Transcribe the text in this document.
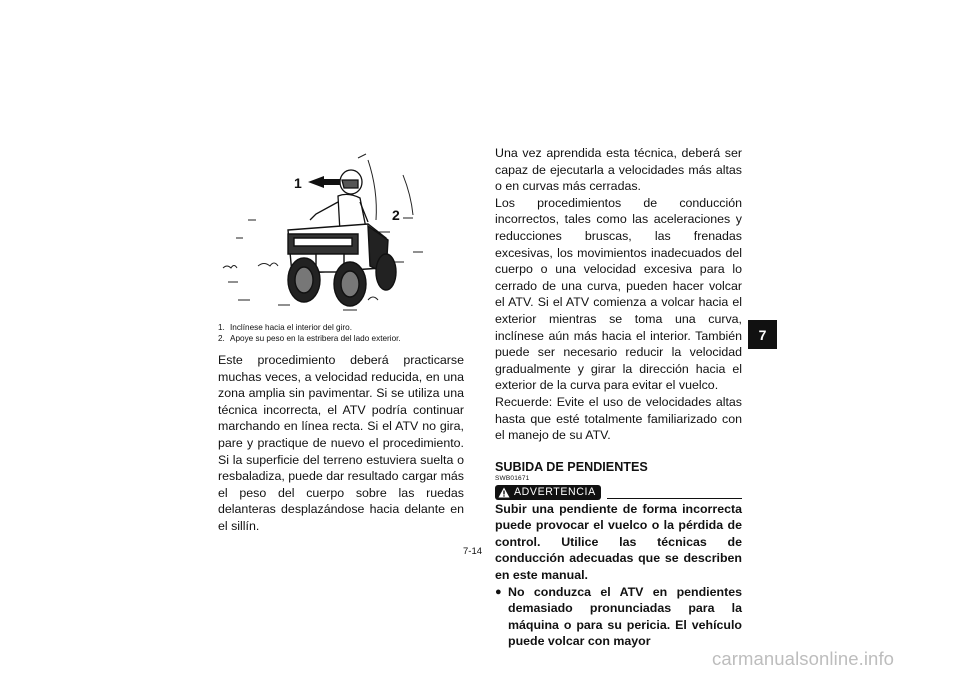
1
2
1. Inclínese hacia el interior del giro.
2. Apoye su peso en la estribera del lado exterior.

Este procedimiento deberá practicarse muchas veces, a velocidad reducida, en una zona amplia sin pavimentar. Si se utiliza una técnica incorrecta, el ATV podría continuar marchando en línea recta. Si el ATV no gira, pare y practique de nuevo el procedimiento. Si la superficie del terreno estuviera suelta o resbaladiza, puede dar resultado cargar más el peso del cuerpo sobre las ruedas delanteras desplazándose hacia delante en el sillín.

Una vez aprendida esta técnica, deberá ser capaz de ejecutarla a velocidades más altas o en curvas más cerradas.

Los procedimientos de conducción incorrectos, tales como las aceleraciones y reducciones bruscas, las frenadas excesivas, los movimientos inadecuados del cuerpo o una velocidad excesiva para lo cerrado de una curva, pueden hacer volcar el ATV. Si el ATV comienza a volcar hacia el exterior mientras se toma una curva, inclínese aún más hacia el interior. También puede ser necesario reducir la velocidad gradualmente y girar la dirección hacia el exterior de la curva para evitar el vuelco.

Recuerde: Evite el uso de velocidades altas hasta que esté totalmente familiarizado con el manejo de su ATV.

SUBIDA DE PENDIENTES
SWB01671
ADVERTENCIA

Subir una pendiente de forma incorrecta puede provocar el vuelco o la pérdida de control. Utilice las técnicas de conducción adecuadas que se describen en este manual.

● No conduzca el ATV en pendientes demasiado pronunciadas para la máquina o para su pericia. El vehículo puede volcar con mayor
7
7-14
carmanualsonline.info
